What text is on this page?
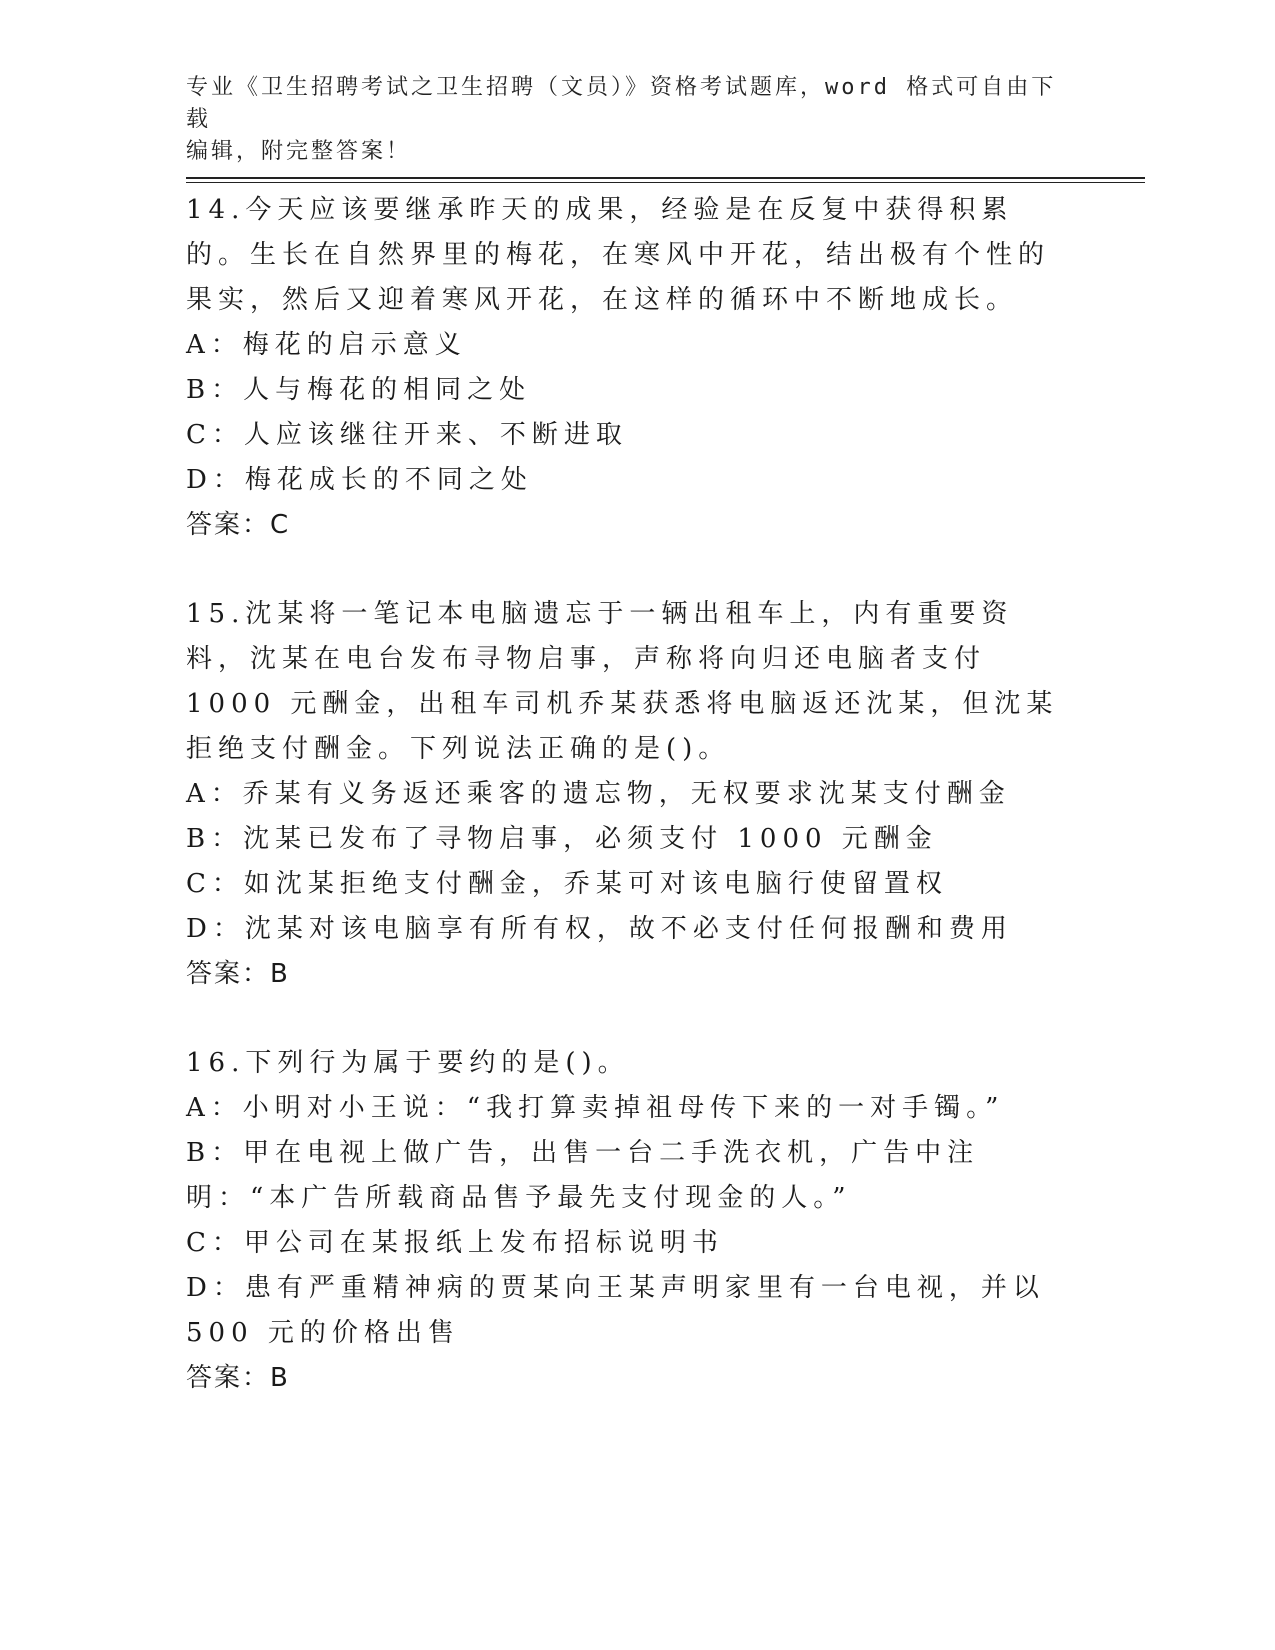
专业《卫生招聘考试之卫生招聘（文员）》资格考试题库，word 格式可自由下载
编辑，附完整答案！

14.今天应该要继承昨天的成果，经验是在反复中获得积累的。生长在自然界里的梅花，在寒风中开花，结出极有个性的果实，然后又迎着寒风开花，在这样的循环中不断地成长。

A：梅花的启示意义

B：人与梅花的相同之处

C：人应该继往开来、不断进取

D：梅花成长的不同之处

答案：C

15.沈某将一笔记本电脑遗忘于一辆出租车上，内有重要资料，沈某在电台发布寻物启事，声称将向归还电脑者支付 1000 元酬金，出租车司机乔某获悉将电脑返还沈某，但沈某拒绝支付酬金。下列说法正确的是()。

A：乔某有义务返还乘客的遗忘物，无权要求沈某支付酬金

B：沈某已发布了寻物启事，必须支付 1000 元酬金

C：如沈某拒绝支付酬金，乔某可对该电脑行使留置权

D：沈某对该电脑享有所有权，故不必支付任何报酬和费用

答案：B

16.下列行为属于要约的是()。

A：小明对小王说：“我打算卖掉祖母传下来的一对手镯。”

B：甲在电视上做广告，出售一台二手洗衣机，广告中注明：“本广告所载商品售予最先支付现金的人。”

C：甲公司在某报纸上发布招标说明书

D：患有严重精神病的贾某向王某声明家里有一台电视，并以 500 元的价格出售

答案：B
